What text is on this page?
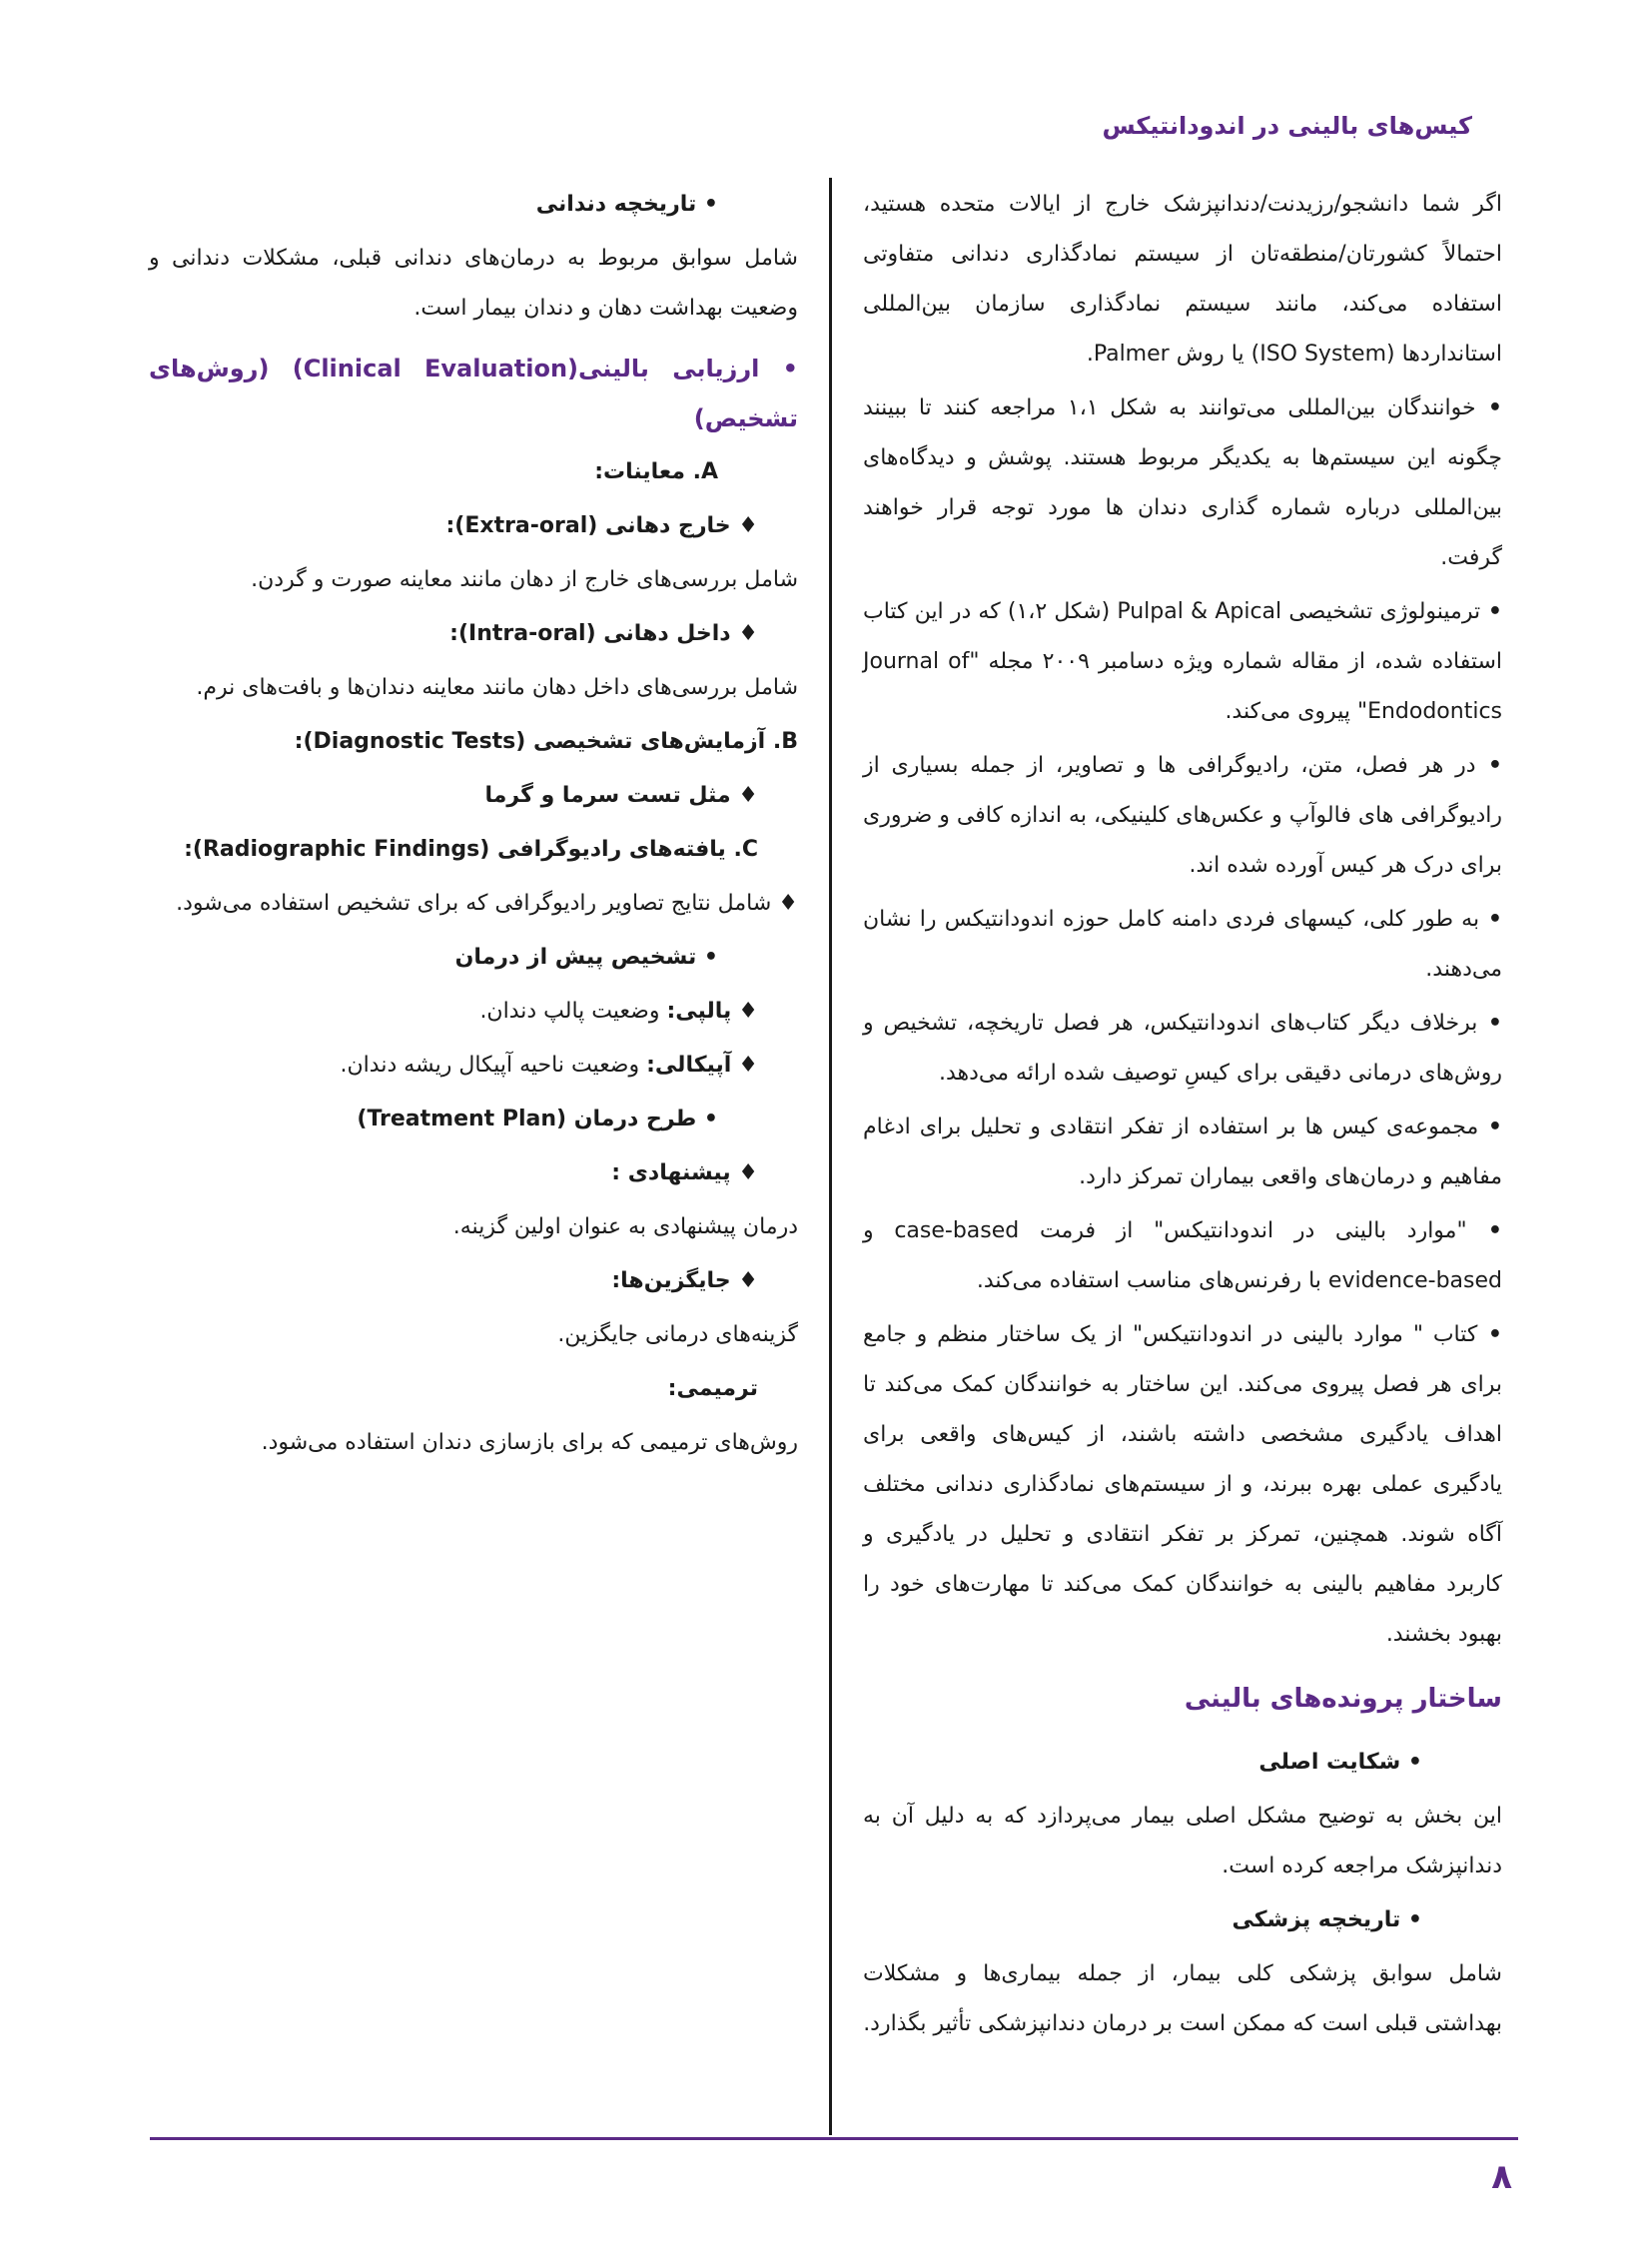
کیس‌های بالینی در اندودانتیکس

اگر شما دانشجو/رزیدنت/دندانپزشک خارج از ایالات متحده هستید، احتمالاً کشورتان/منطقه‌تان از سیستم نمادگذاری دندانی متفاوتی استفاده می‌کند، مانند سیستم نمادگذاری سازمان بین‌المللی استانداردها (ISO System) یا روش Palmer.

• خوانندگان بین‌المللی می‌توانند به شکل ۱،۱ مراجعه کنند تا ببینند چگونه این سیستم‌ها به یکدیگر مربوط هستند. پوشش و دیدگاه‌های بین‌المللی درباره شماره گذاری دندان ها مورد توجه قرار خواهند گرفت.

• ترمینولوژی تشخیصی Pulpal & Apical (شکل ۱،۲) که در این کتاب استفاده شده، از مقاله شماره ویژه دسامبر ۲۰۰۹ مجله "Journal of Endodontics" پیروی می‌کند.

• در هر فصل، متن، رادیوگرافی ها و تصاویر، از جمله بسیاری از رادیوگرافی های فالوآپ و عکس‌های کلینیکی، به اندازه کافی و ضروری برای درک هر کیس آورده شده اند.

• به طور کلی، کیسهای فردی دامنه کامل حوزه اندودانتیکس را نشان می‌دهند.

• برخلاف دیگر کتاب‌های اندودانتیکس، هر فصل تاریخچه، تشخیص و روش‌های درمانی دقیقی برای کیسِ توصیف شده ارائه می‌دهد.

• مجموعه‌ی کیس ها بر استفاده از تفکر انتقادی و تحلیل برای ادغام مفاهیم و درمان‌های واقعی بیماران تمرکز دارد.

• "موارد بالینی در اندودانتیکس" از فرمت case-based و evidence-based با رفرنس‌های مناسب استفاده می‌کند.

• کتاب " موارد بالینی در اندودانتیکس" از یک ساختار منظم و جامع برای هر فصل پیروی می‌کند. این ساختار به خوانندگان کمک می‌کند تا اهداف یادگیری مشخصی داشته باشند، از کیس‌های واقعی برای یادگیری عملی بهره ببرند، و از سیستم‌های نمادگذاری دندانی مختلف آگاه شوند. همچنین، تمرکز بر تفکر انتقادی و تحلیل در یادگیری و کاربرد مفاهیم بالینی به خوانندگان کمک می‌کند تا مهارت‌های خود را بهبود بخشند.

ساختار پرونده‌های بالینی

• شکایت اصلی

این بخش به توضیح مشکل اصلی بیمار می‌پردازد که به دلیل آن به دندانپزشک مراجعه کرده است.

• تاریخچه پزشکی

شامل سوابق پزشکی کلی بیمار، از جمله بیماری‌ها و مشکلات بهداشتی قبلی است که ممکن است بر درمان دندانپزشکی تأثیر بگذارد.

• تاریخچه دندانی

شامل سوابق مربوط به درمان‌های دندانی قبلی، مشکلات دندانی و وضعیت بهداشت دهان و دندان بیمار است.

• ارزیابی بالینی(Clinical Evaluation) (روش‌های تشخیص)

A. معاینات:

♦ خارج دهانی (Extra-oral):

شامل بررسی‌های خارج از دهان مانند معاینه صورت و گردن.

♦ داخل دهانی (Intra-oral):

شامل بررسی‌های داخل دهان مانند معاینه دندان‌ها و بافت‌های نرم.

B. آزمایش‌های تشخیصی (Diagnostic Tests):

♦ مثل تست سرما و گرما

C. یافته‌های رادیوگرافی (Radiographic Findings):

♦ شامل نتایج تصاویر رادیوگرافی که برای تشخیص استفاده می‌شود.

• تشخیص پیش از درمان

♦ پالپی: وضعیت پالپ دندان.

♦ آپیکالی: وضعیت ناحیه آپیکال ریشه دندان.

• طرح درمان (Treatment Plan)

♦ پیشنهادی :

درمان پیشنهادی به عنوان اولین گزینه.

♦ جایگزین‌ها:

گزینه‌های درمانی جایگزین.

ترمیمی:

روش‌های ترمیمی که برای بازسازی دندان استفاده می‌شود.

۸
